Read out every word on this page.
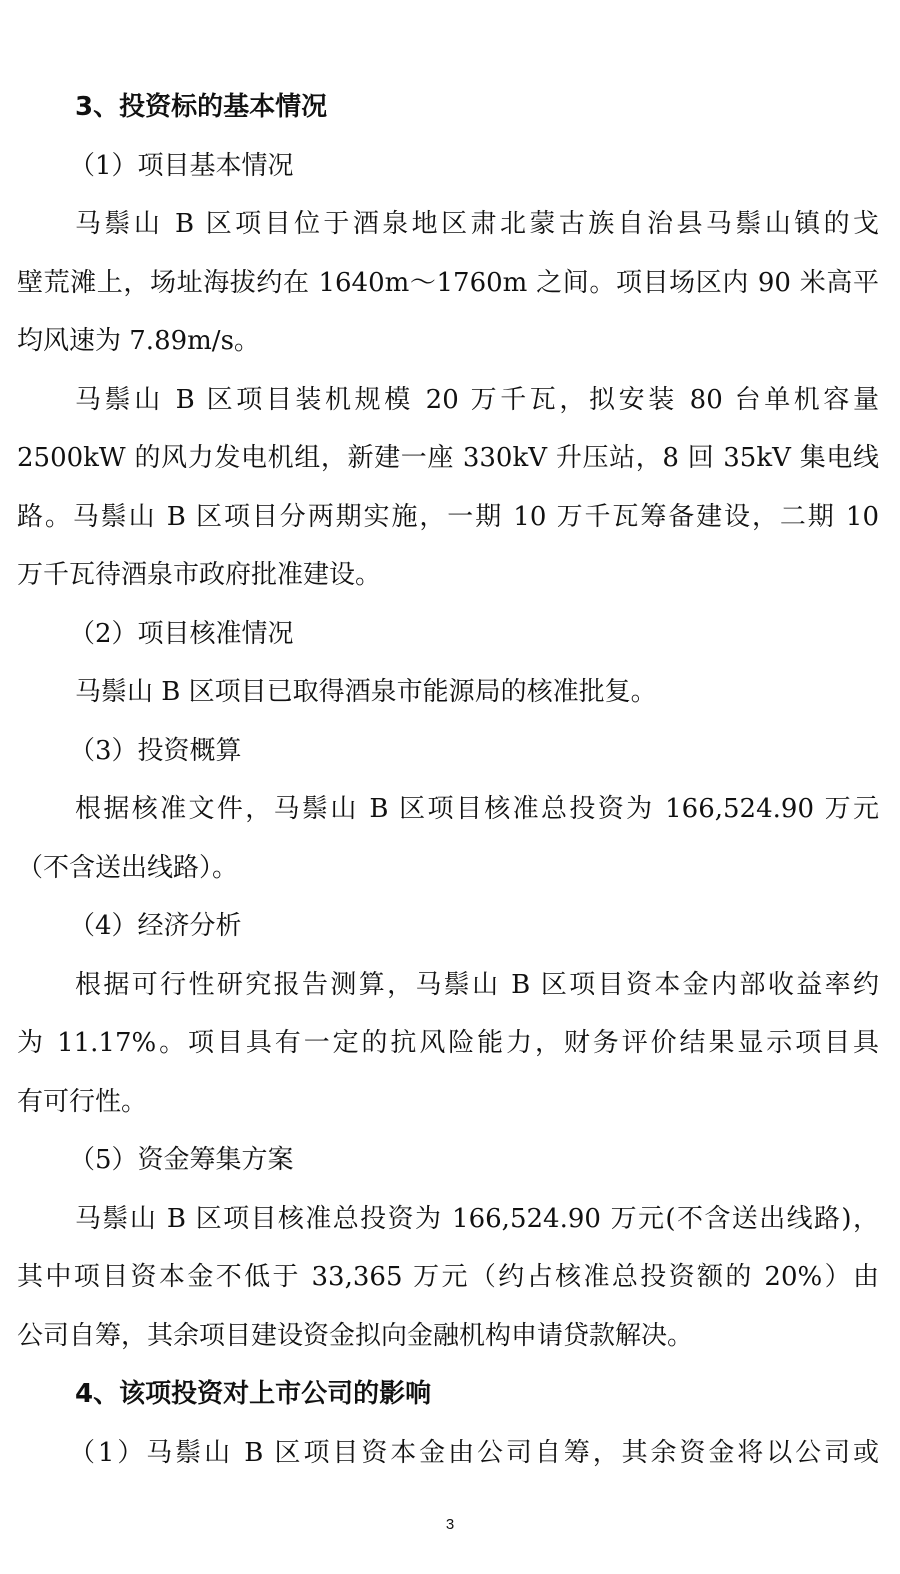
3、投资标的基本情况
（1）项目基本情况
马鬃山 B 区项目位于酒泉地区肃北蒙古族自治县马鬃山镇的戈
壁荒滩上，场址海拔约在 1640m～1760m 之间。项目场区内 90 米高平
均风速为 7.89m/s。
马鬃山 B 区项目装机规模 20 万千瓦，拟安装 80 台单机容量
2500kW 的风力发电机组，新建一座 330kV 升压站，8 回 35kV 集电线
路。马鬃山 B 区项目分两期实施，一期 10 万千瓦筹备建设，二期 10
万千瓦待酒泉市政府批准建设。
（2）项目核准情况
马鬃山 B 区项目已取得酒泉市能源局的核准批复。
（3）投资概算
根据核准文件，马鬃山 B 区项目核准总投资为 166,524.90 万元
（不含送出线路）。
（4）经济分析
根据可行性研究报告测算，马鬃山 B 区项目资本金内部收益率约
为 11.17%。项目具有一定的抗风险能力，财务评价结果显示项目具
有可行性。
（5）资金筹集方案
马鬃山 B 区项目核准总投资为 166,524.90 万元(不含送出线路)，
其中项目资本金不低于 33,365 万元（约占核准总投资额的 20%）由
公司自筹，其余项目建设资金拟向金融机构申请贷款解决。
4、该项投资对上市公司的影响
（1）马鬃山 B 区项目资本金由公司自筹，其余资金将以公司或
3
